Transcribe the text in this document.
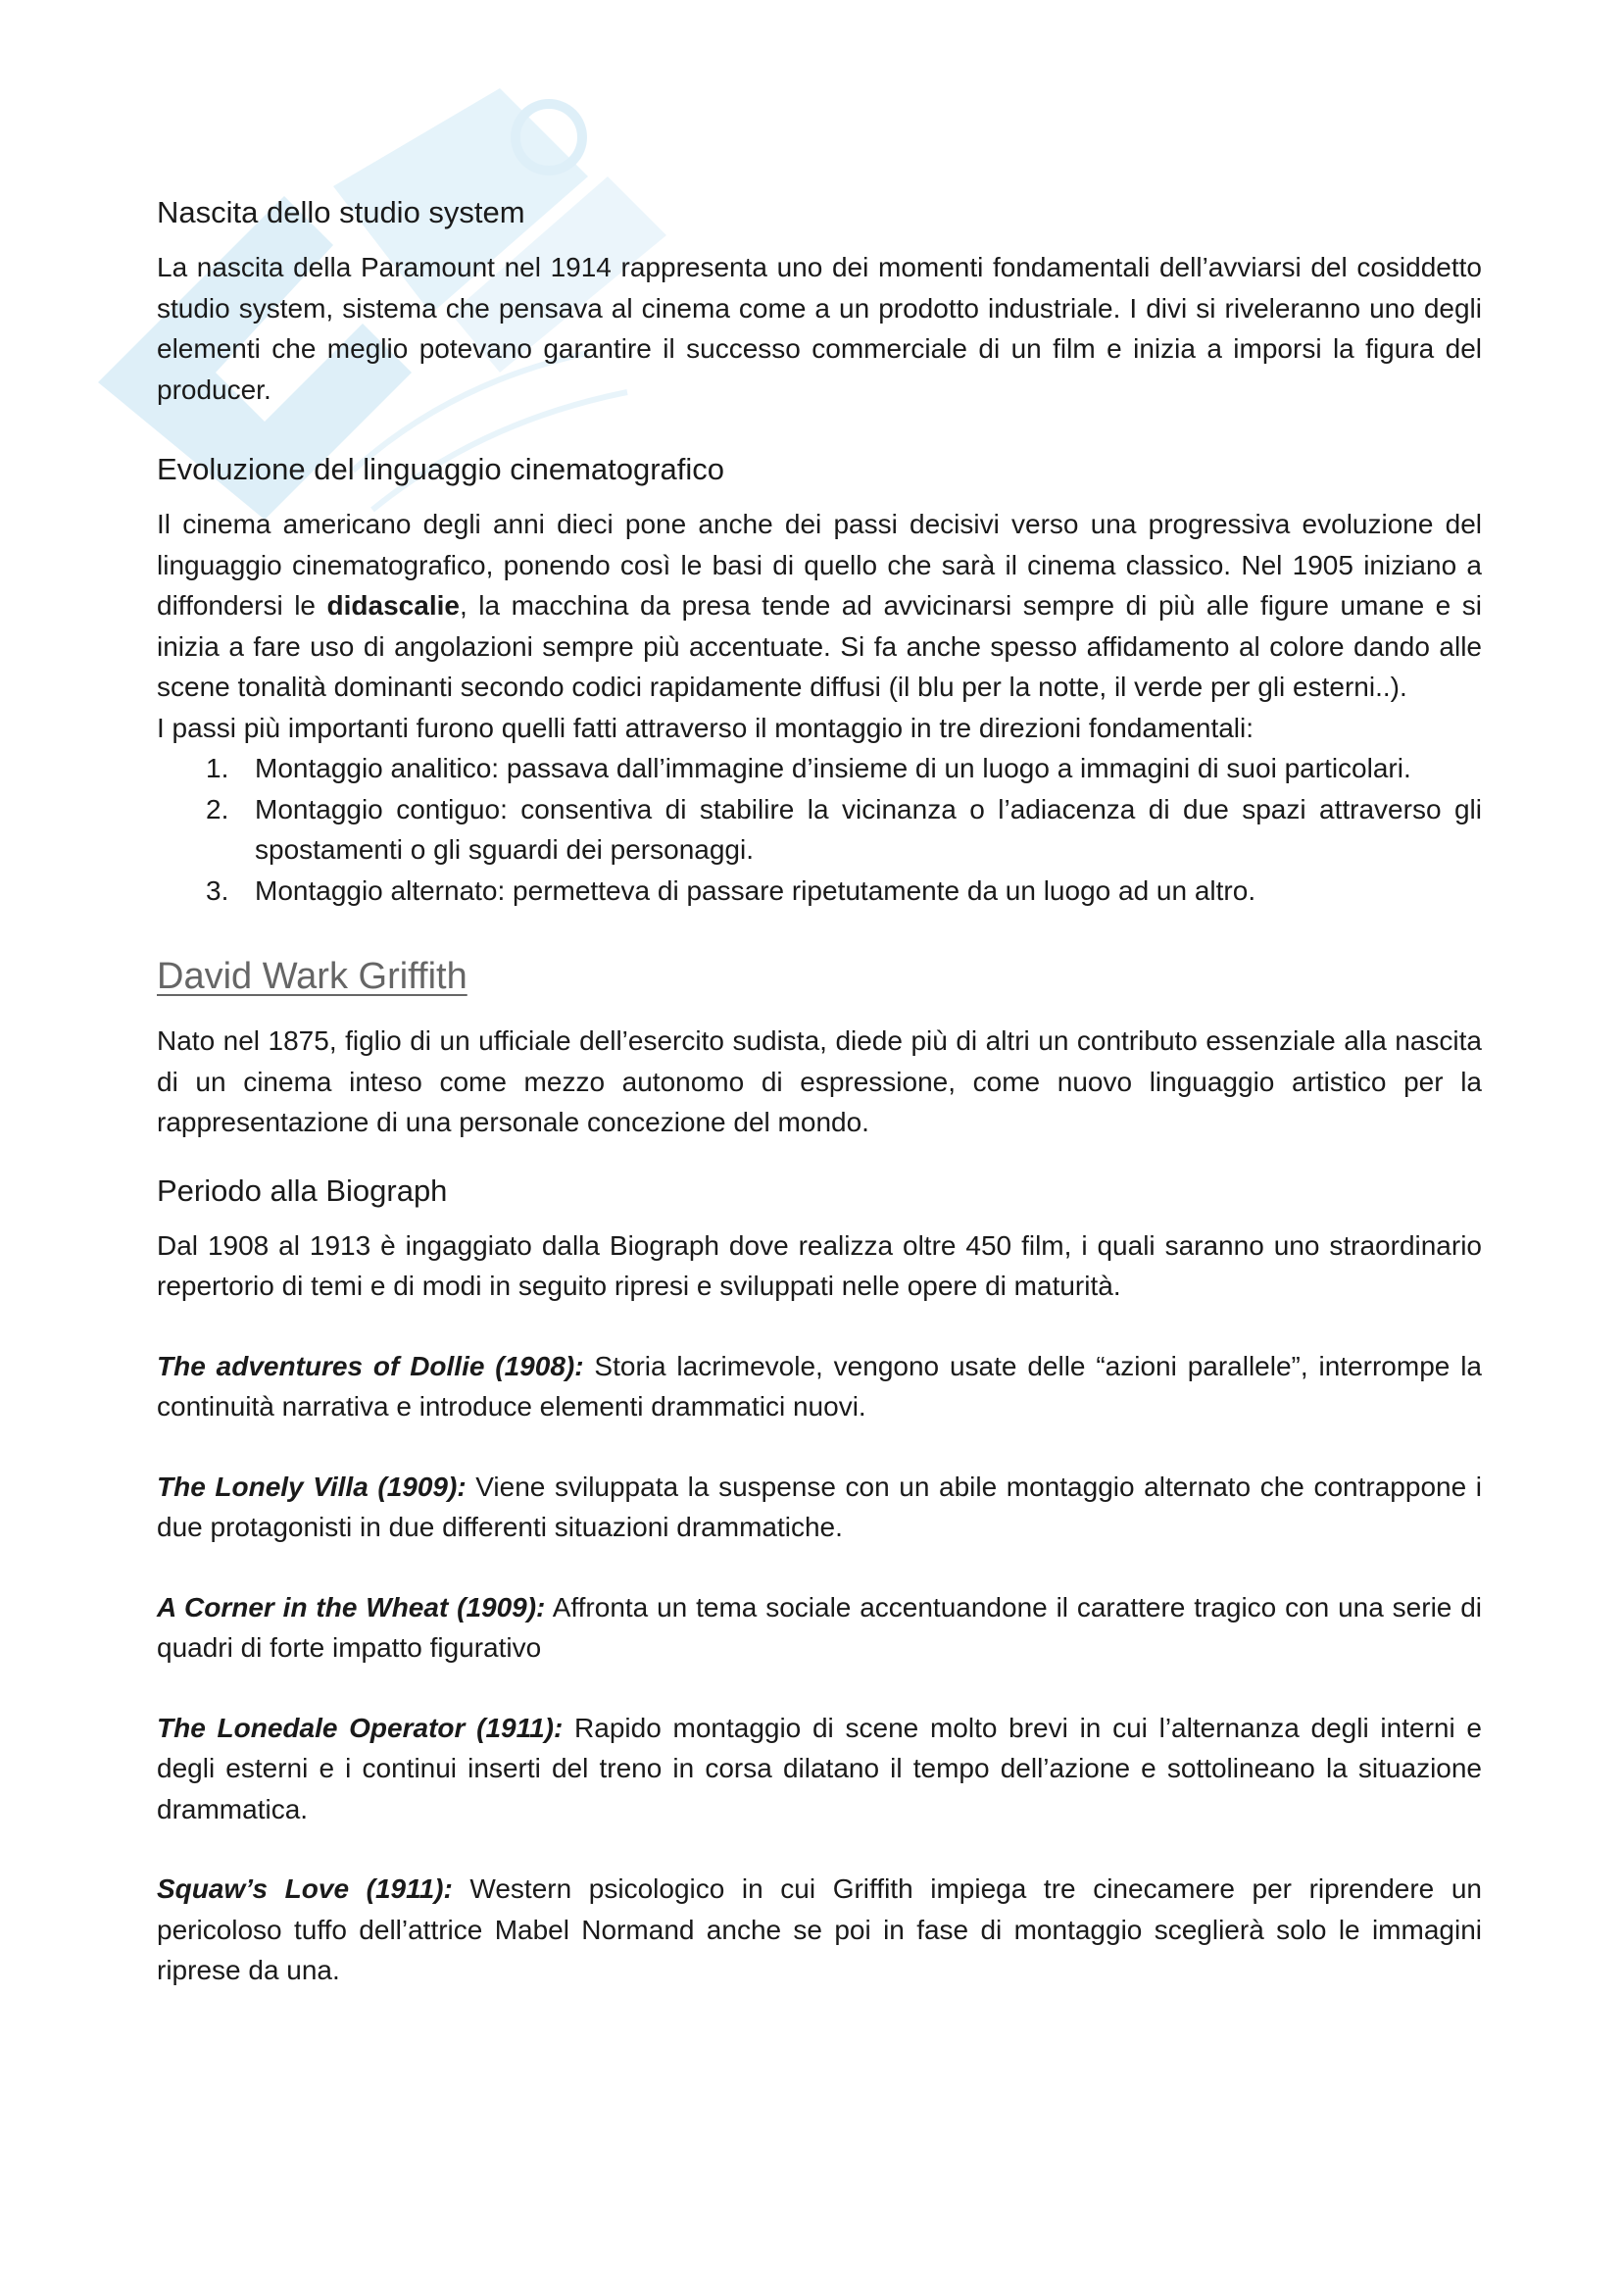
Nascita dello studio system

La nascita della Paramount nel 1914 rappresenta uno dei momenti fondamentali dell’avviarsi del cosiddetto studio system, sistema che pensava al cinema come a un prodotto industriale. I divi si riveleranno uno degli elementi che meglio potevano garantire il successo commerciale di un film e inizia a imporsi la figura del producer.

Evoluzione del linguaggio cinematografico

Il cinema americano degli anni dieci pone anche dei passi decisivi verso una progressiva evoluzione del linguaggio cinematografico, ponendo così le basi di quello che sarà il cinema classico. Nel 1905 iniziano a diffondersi le didascalie, la macchina da presa tende ad avvicinarsi sempre di più alle figure umane e si inizia a fare uso di angolazioni sempre più accentuate. Si fa anche spesso affidamento al colore dando alle scene tonalità dominanti secondo codici rapidamente diffusi (il blu per la notte, il verde per gli esterni..).

I passi più importanti furono quelli fatti attraverso il montaggio in tre direzioni fondamentali:

1. Montaggio analitico: passava dall’immagine d’insieme di un luogo a immagini di suoi particolari.
2. Montaggio contiguo: consentiva di stabilire la vicinanza o l’adiacenza di due spazi attraverso gli spostamenti o gli sguardi dei personaggi.
3. Montaggio alternato: permetteva di passare ripetutamente da un luogo ad un altro.
David Wark Griffith

Nato nel 1875, figlio di un ufficiale dell’esercito sudista, diede più di altri un contributo essenziale alla nascita di un cinema inteso come mezzo autonomo di espressione, come nuovo linguaggio artistico per la rappresentazione di una personale concezione del mondo.

Periodo alla Biograph

Dal 1908 al 1913 è ingaggiato dalla Biograph dove realizza oltre 450 film, i quali saranno uno straordinario repertorio di temi e di modi in seguito ripresi e sviluppati nelle opere di maturità.

The adventures of Dollie (1908): Storia lacrimevole, vengono usate delle “azioni parallele”, interrompe la continuità narrativa e introduce elementi drammatici nuovi.

The Lonely Villa (1909): Viene sviluppata la suspense con un abile montaggio alternato che contrappone i due protagonisti in due differenti situazioni drammatiche.

A Corner in the Wheat (1909): Affronta un tema sociale accentuandone il carattere tragico con una serie di quadri di forte impatto figurativo

The Lonedale Operator (1911): Rapido montaggio di scene molto brevi in cui l’alternanza degli interni e degli esterni e i continui inserti del treno in corsa dilatano il tempo dell’azione e sottolineano la situazione drammatica.

Squaw’s Love (1911): Western psicologico in cui Griffith impiega tre cinecamere per riprendere un pericoloso tuffo dell’attrice Mabel Normand anche se poi in fase di montaggio sceglierà solo le immagini riprese da una.
